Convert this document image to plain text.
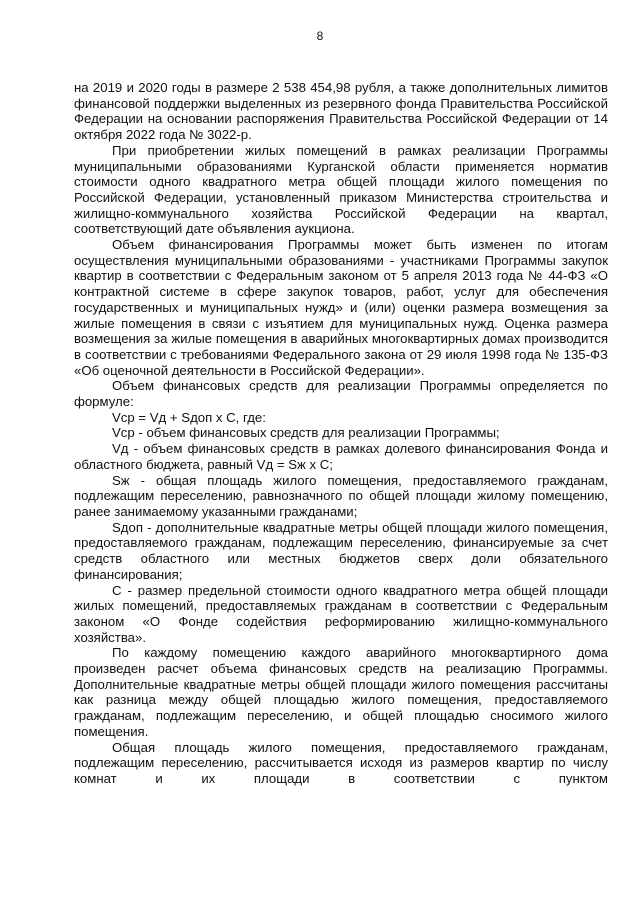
8

на 2019 и 2020 годы в размере 2 538 454,98 рубля, а также дополнительных лимитов финансовой поддержки выделенных из резервного фонда Правительства Российской Федерации на основании распоряжения Правительства Российской Федерации от 14 октября 2022 года № 3022-р.

При приобретении жилых помещений в рамках реализации Программы муниципальными образованиями Курганской области применяется норматив стоимости одного квадратного метра общей площади жилого помещения по Российской Федерации, установленный приказом Министерства строительства и жилищно-коммунального хозяйства Российской Федерации на квартал, соответствующий дате объявления аукциона.

Объем финансирования Программы может быть изменен по итогам осуществления муниципальными образованиями - участниками Программы закупок квартир в соответствии с Федеральным законом от 5 апреля 2013 года № 44-ФЗ «О контрактной системе в сфере закупок товаров, работ, услуг для обеспечения государственных и муниципальных нужд» и (или) оценки размера возмещения за жилые помещения в связи с изъятием для муниципальных нужд. Оценка размера возмещения за жилые помещения в аварийных многоквартирных домах производится в соответствии с требованиями Федерального закона от 29 июля 1998 года № 135-ФЗ «Об оценочной деятельности в Российской Федерации».

Объем финансовых средств для реализации Программы определяется по формуле:

Vср = Vд + Sдоп х С, где:

Vср - объем финансовых средств для реализации Программы;

Vд - объем финансовых средств в рамках долевого финансирования Фонда и областного бюджета, равный Vд = Sж х С;

Sж - общая площадь жилого помещения, предоставляемого гражданам, подлежащим переселению, равнозначного по общей площади жилому помещению, ранее занимаемому указанными гражданами;

Sдоп - дополнительные квадратные метры общей площади жилого помещения, предоставляемого гражданам, подлежащим переселению, финансируемые за счет средств областного или местных бюджетов сверх доли обязательного финансирования;

С - размер предельной стоимости одного квадратного метра общей площади жилых помещений, предоставляемых гражданам в соответствии с Федеральным законом «О Фонде содействия реформированию жилищно-коммунального хозяйства».

По каждому помещению каждого аварийного многоквартирного дома произведен расчет объема финансовых средств на реализацию Программы. Дополнительные квадратные метры общей площади жилого помещения рассчитаны как разница между общей площадью жилого помещения, предоставляемого гражданам, подлежащим переселению, и общей площадью сносимого жилого помещения.

Общая площадь жилого помещения, предоставляемого гражданам, подлежащим переселению, рассчитывается исходя из размеров квартир по числу комнат и их площади в соответствии с пунктом
